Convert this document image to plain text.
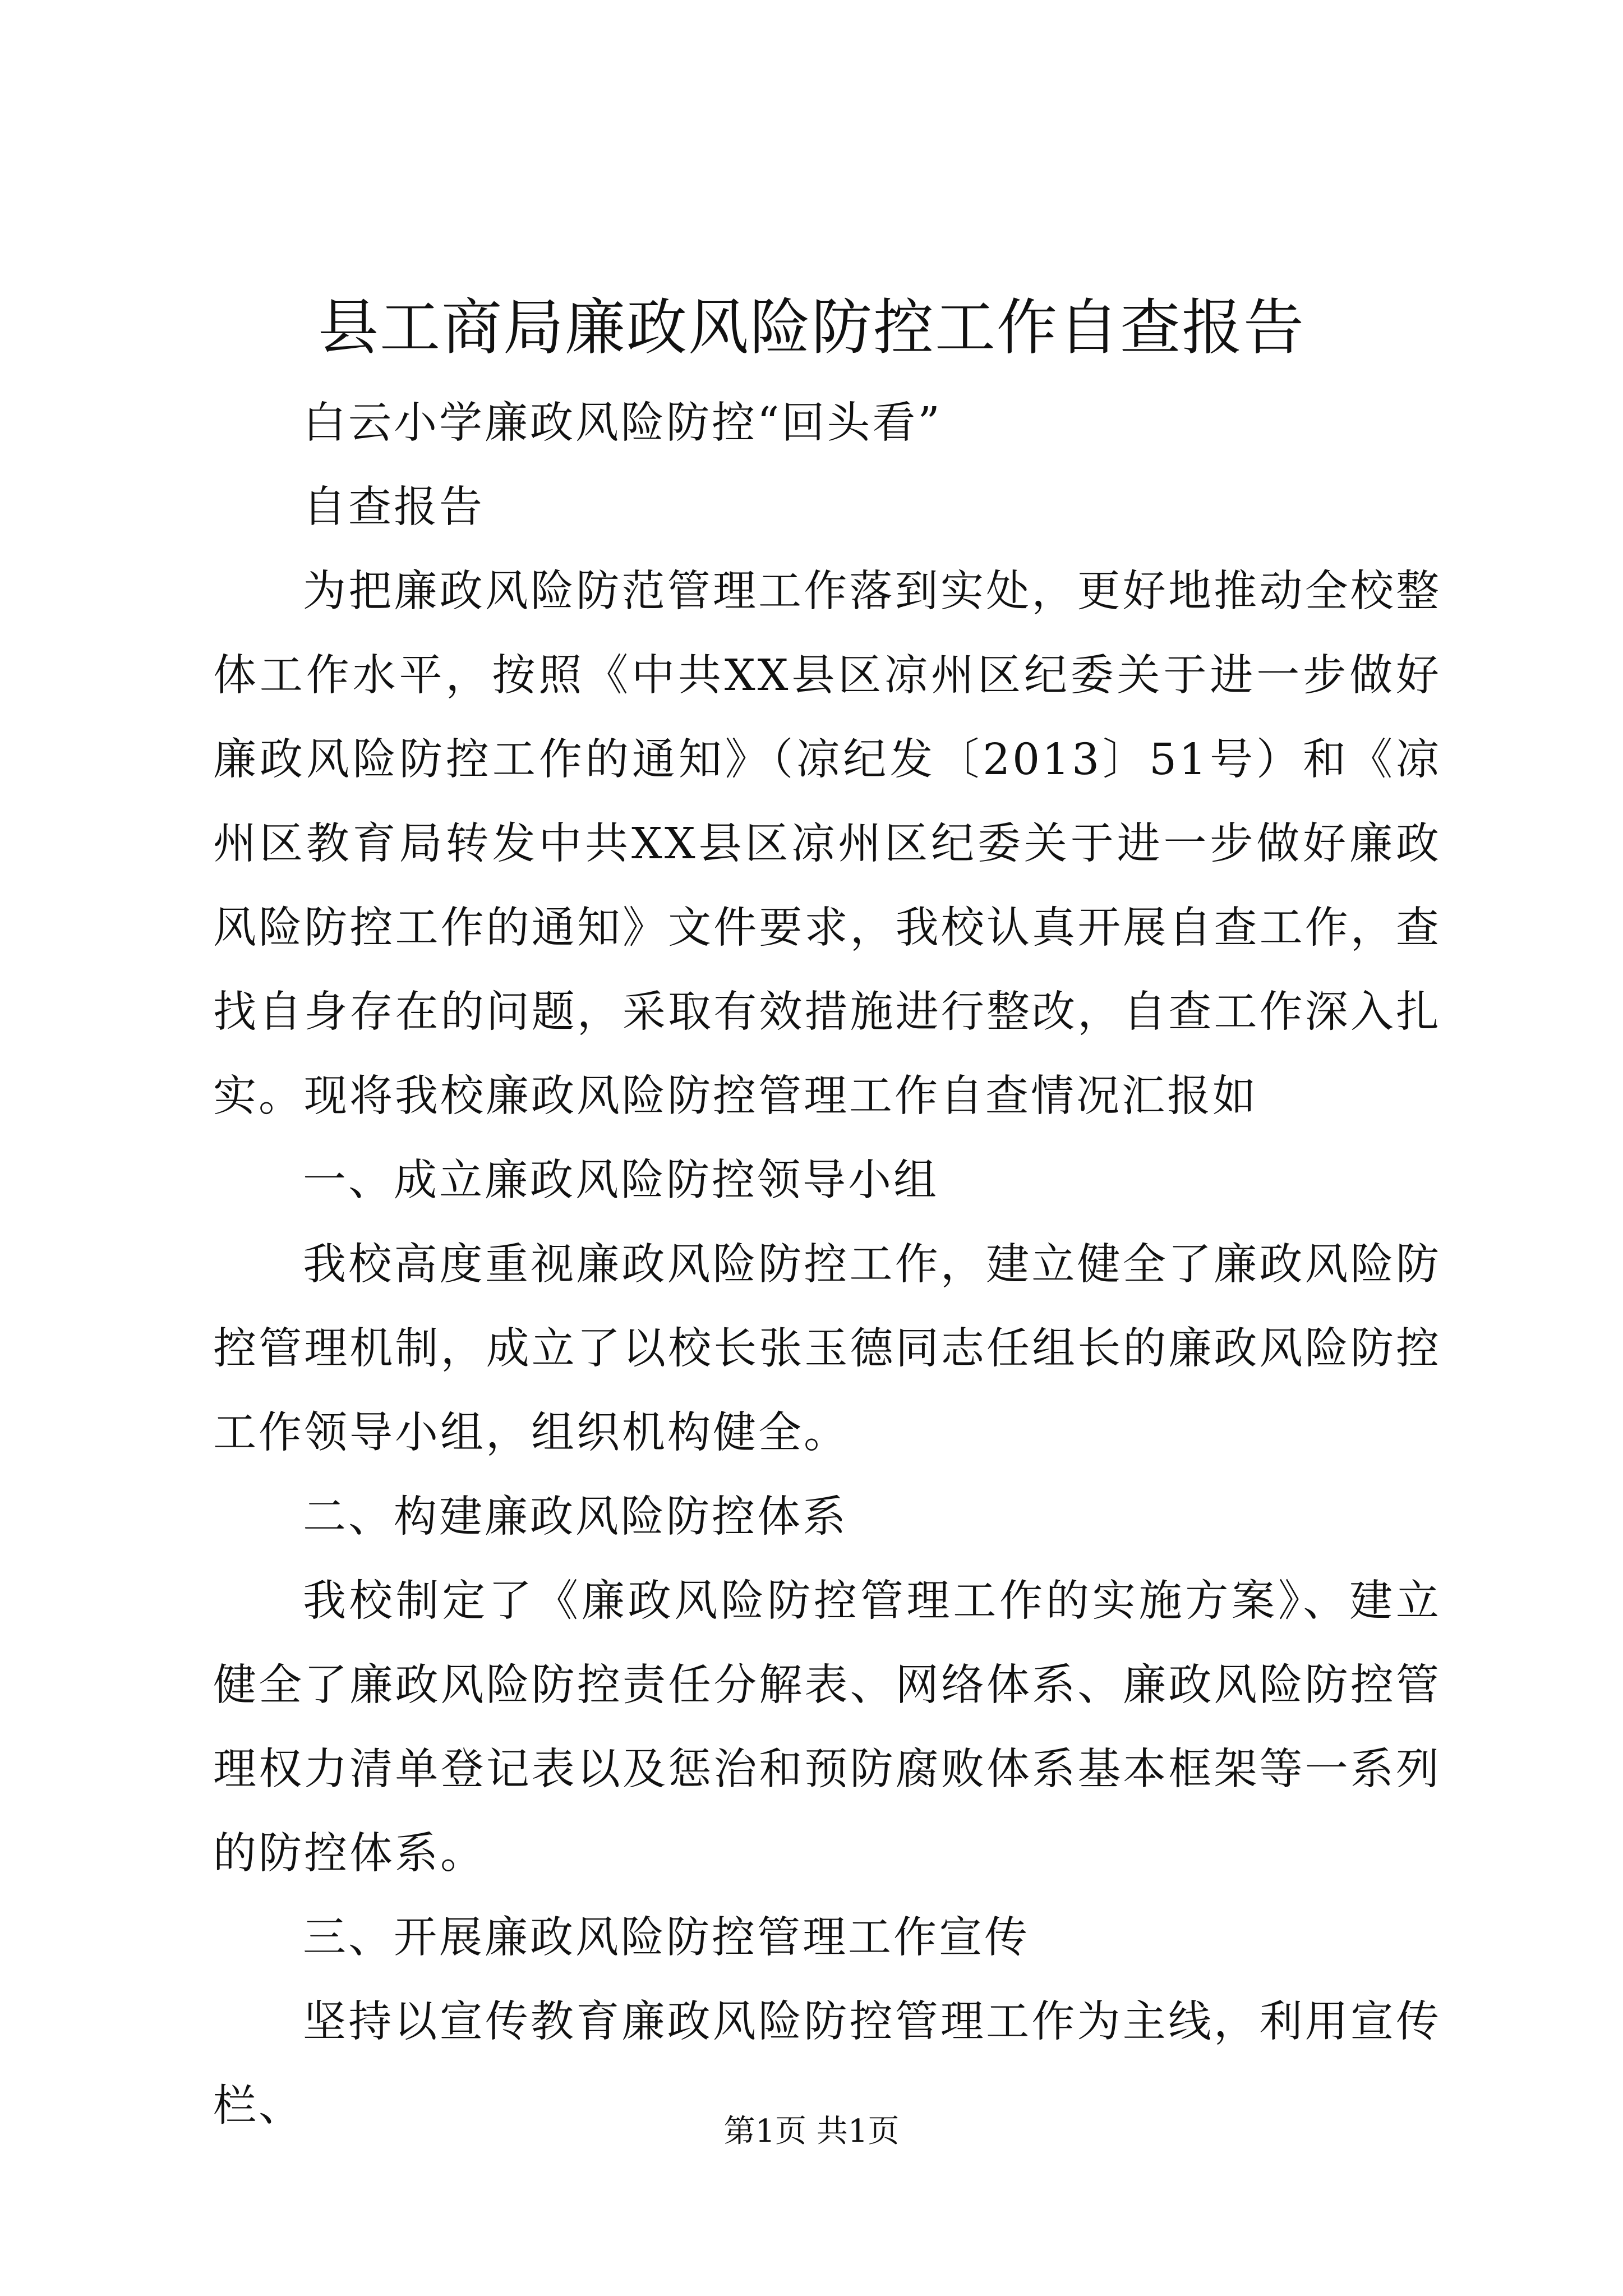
县工商局廉政风险防控工作自查报告

白云小学廉政风险防控“回头看”

自查报告

为把廉政风险防范管理工作落到实处，更好地推动全校整体工作水平，按照《中共XX县区凉州区纪委关于进一步做好廉政风险防控工作的通知》（凉纪发〔2013〕51号）和《凉州区教育局转发中共XX县区凉州区纪委关于进一步做好廉政风险防控工作的通知》文件要求，我校认真开展自查工作，查找自身存在的问题，采取有效措施进行整改，自查工作深入扎实。现将我校廉政风险防控管理工作自查情况汇报如

一、成立廉政风险防控领导小组

我校高度重视廉政风险防控工作，建立健全了廉政风险防控管理机制，成立了以校长张玉德同志任组长的廉政风险防控工作领导小组，组织机构健全。

二、构建廉政风险防控体系

我校制定了《廉政风险防控管理工作的实施方案》、建立健全了廉政风险防控责任分解表、网络体系、廉政风险防控管理权力清单登记表以及惩治和预防腐败体系基本框架等一系列的防控体系。

三、开展廉政风险防控管理工作宣传

坚持以宣传教育廉政风险防控管理工作为主线，利用宣传栏、

第1页 共1页
